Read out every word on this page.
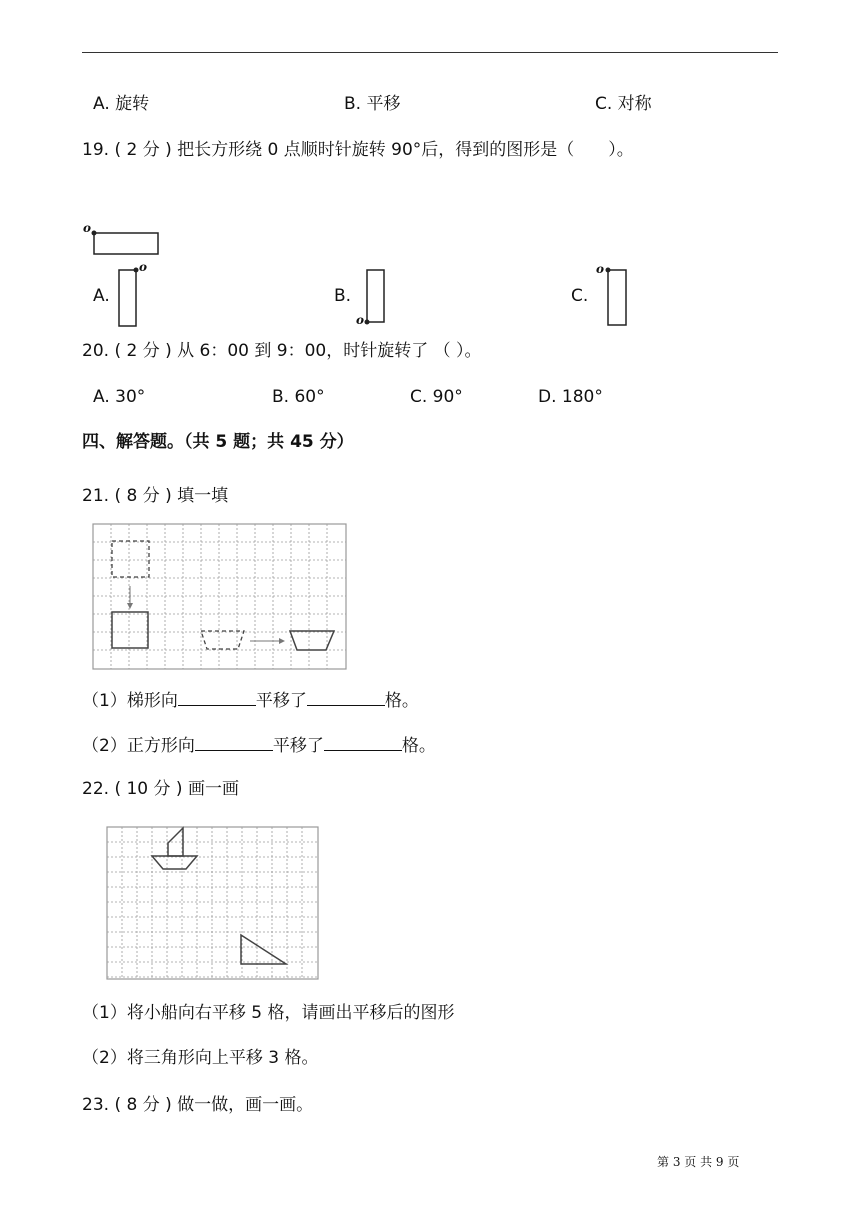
A. 旋转	B. 平移	C. 对称
19. ( 2 分 ) 把长方形绕 0 点顺时针旋转 90°后，得到的图形是（　　）。
o
o
o
o
A.	B.	C.
20. ( 2 分 ) 从 6：00 到 9：00，时针旋转了 （ ）。
A. 30°	B. 60°	C. 90°	D. 180°
四、解答题。（共 5 题；共 45 分）
21. ( 8 分 ) 填一填
（1）梯形向	平移了	格。
（2）正方形向	平移了	格。
22. ( 10 分 ) 画一画
（1）将小船向右平移 5 格，请画出平移后的图形
（2）将三角形向上平移 3 格。
23. ( 8 分 ) 做一做，画一画。
第 3 页 共 9 页
